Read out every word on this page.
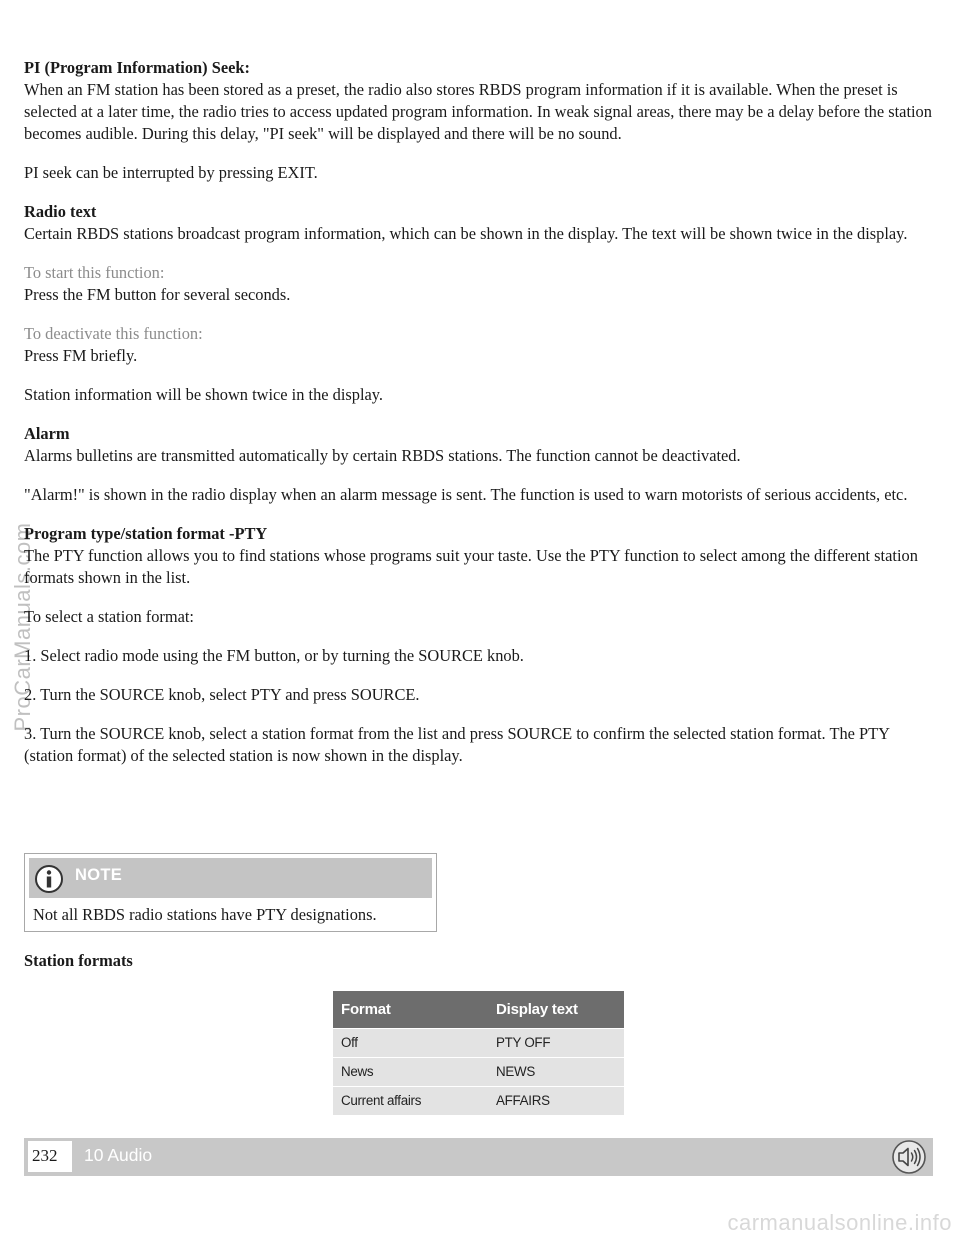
ProCarManuals.com

PI (Program Information) Seek:

When an FM station has been stored as a preset, the radio also stores RBDS program information if it is available. When the preset is selected at a later time, the radio tries to access updated program information. In weak signal areas, there may be a delay before the station becomes audible. During this delay, "PI seek" will be displayed and there will be no sound.

PI seek can be interrupted by pressing EXIT.

Radio text

Certain RBDS stations broadcast program information, which can be shown in the display. The text will be shown twice in the display.

To start this function:

Press the FM button for several seconds.

To deactivate this function:

Press FM briefly.

Station information will be shown twice in the display.

Alarm

Alarms bulletins are transmitted automatically by certain RBDS stations. The function cannot be deactivated.

"Alarm!" is shown in the radio display when an alarm message is sent. The function is used to warn motorists of serious accidents, etc.

Program type/station format -PTY

The PTY function allows you to find stations whose programs suit your taste. Use the PTY function to select among the different station formats shown in the list.

To select a station format:

1. Select radio mode using the FM button, or by turning the SOURCE knob.

2. Turn the SOURCE knob, select PTY and press SOURCE.

3. Turn the SOURCE knob, select a station format from the list and press SOURCE to confirm the selected station format. The PTY (station format) of the selected station is now shown in the display.

NOTE

Not all RBDS radio stations have PTY designations.

Station formats

Format	Display text
Off	PTY OFF
News	NEWS
Current affairs	AFFAIRS
232	10 Audio
carmanualsonline.info
